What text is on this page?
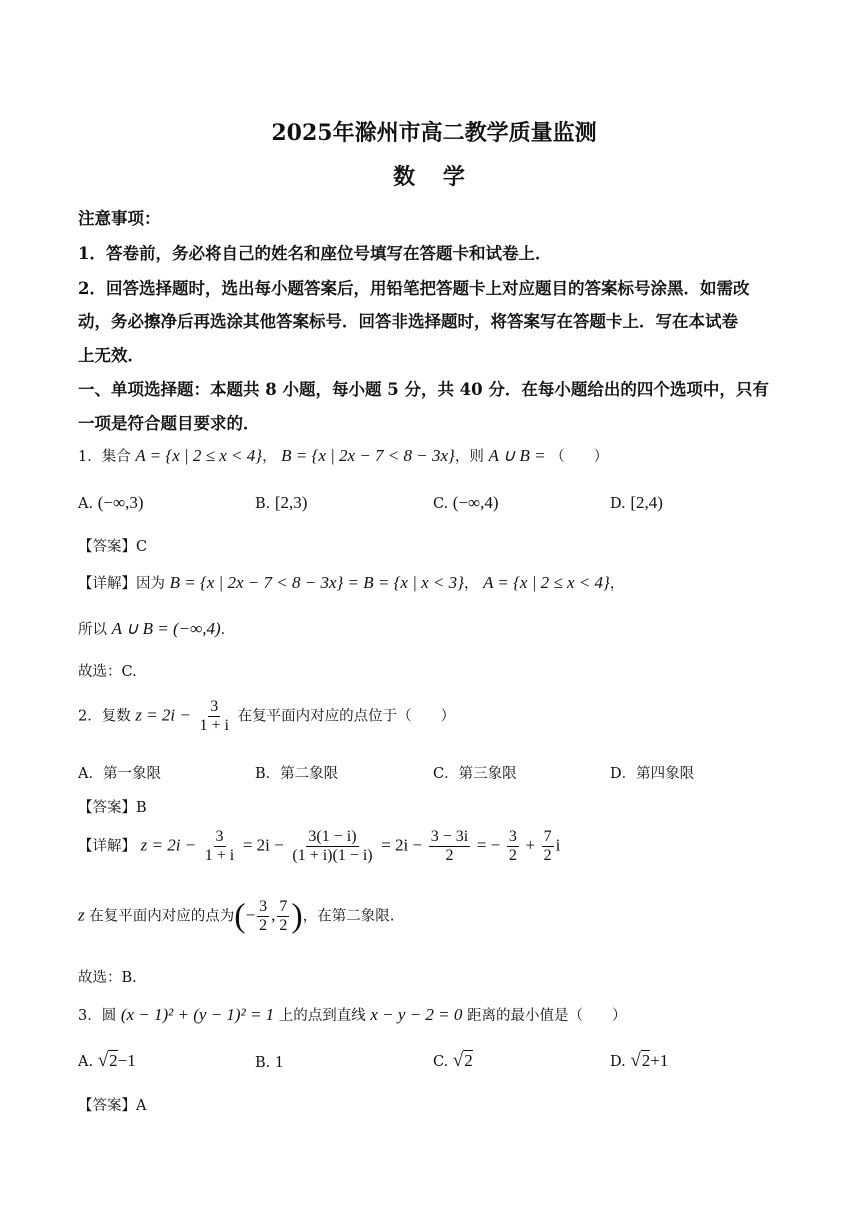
2025年滁州市高二教学质量监测
数 学
注意事项：
1．答卷前，务必将自己的姓名和座位号填写在答题卡和试卷上．
2．回答选择题时，选出每小题答案后，用铅笔把答题卡上对应题目的答案标号涂黑．如需改
动，务必擦净后再选涂其他答案标号．回答非选择题时，将答案写在答题卡上．写在本试卷
上无效．
一、单项选择题：本题共 8 小题，每小题 5 分，共 40 分．在每小题给出的四个选项中，只有
一项是符合题目要求的．
1．集合 A = {x | 2 ≤ x < 4}， B = {x | 2x − 7 < 8 − 3x}，则 A ∪ B = （　　）
A. (−∞,3)	B. [2,3)	C. (−∞,4)	D. [2,4)
【答案】C
【详解】因为 B = {x | 2x − 7 < 8 − 3x} = B = {x | x < 3}， A = {x | 2 ≤ x < 4}，
所以 A ∪ B = (−∞,4)．
故选：C.
2．复数 $z = 2i - \frac{3}{1 + i}$ 在复平面内对应的点位于（　　）
A．第一象限	B．第二象限	C．第三象限	D．第四象限
【答案】B
【详解】 $z = 2i - \frac{3}{1 + i} = 2i - \frac{3(1 - i)}{(1 + i)(1 - i)} = 2i - \frac{3 - 3i}{2}$ = − $\frac{3}{2} + \frac{7}{2}$ i
z 在复平面内对应的点为(− $\frac{3}{2}$ , $\frac{7}{2}$ )，在第二象限.
故选：B.
3．圆 (x − 1)² + (y − 1)² = 1 上的点到直线 x − y − 2 = 0 距离的最小值是（　　）
A. √2−1	B. 1	C. √2	D. √2+1
【答案】A
